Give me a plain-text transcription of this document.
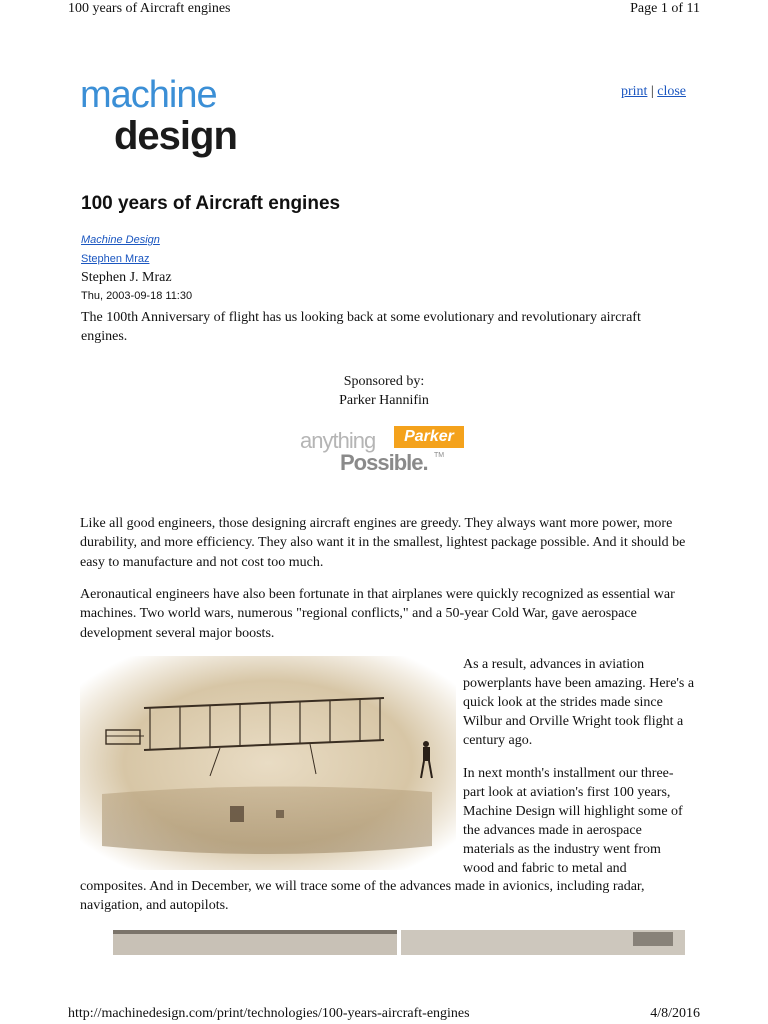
100 years of Aircraft engines	Page 1 of 11
machine
design
print | close
100 years of Aircraft engines
Machine Design
Stephen Mraz
Stephen J. Mraz
Thu, 2003-09-18 11:30

The 100th Anniversary of flight has us looking back at some evolutionary and revolutionary aircraft engines.

Sponsored by:
Parker Hannifin
anything	Parker
Possible. TM

Like all good engineers, those designing aircraft engines are greedy. They always want more power, more durability, and more efficiency. They also want it in the smallest, lightest package possible. And it should be easy to manufacture and not cost too much.

Aeronautical engineers have also been fortunate in that airplanes were quickly recognized as essential war machines. Two world wars, numerous "regional conflicts," and a 50-year Cold War, gave aerospace development several major boosts.

As a result, advances in aviation powerplants have been amazing. Here's a quick look at the strides made since Wilbur and Orville Wright took flight a century ago.

In next month's installment our three-part look at aviation's first 100 years, Machine Design will highlight some of the advances made in aerospace materials as the industry went from wood and fabric to metal and

composites. And in December, we will trace some of the advances made in avionics, including radar, navigation, and autopilots.

http://machinedesign.com/print/technologies/100-years-aircraft-engines	4/8/2016
